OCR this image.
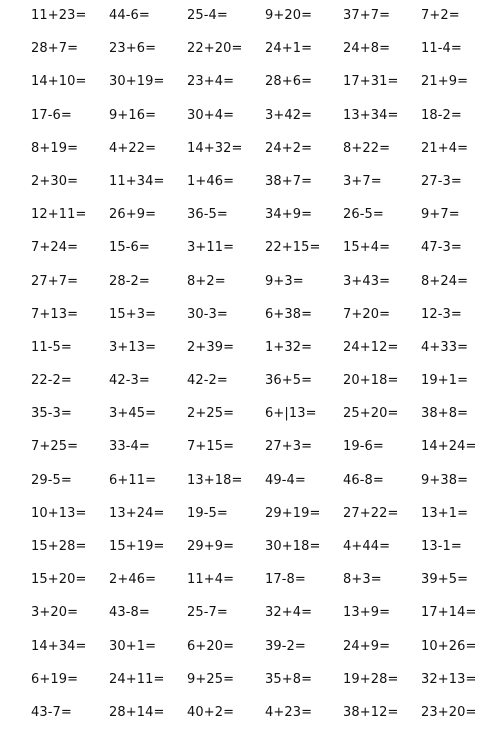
11+23=	44-6=	25-4=	9+20=	37+7=	7+2=
28+7=	23+6=	22+20=	24+1=	24+8=	11-4=
14+10=	30+19=	23+4=	28+6=	17+31=	21+9=
17-6=	9+16=	30+4=	3+42=	13+34=	18-2=
8+19=	4+22=	14+32=	24+2=	8+22=	21+4=
2+30=	11+34=	1+46=	38+7=	3+7=	27-3=
12+11=	26+9=	36-5=	34+9=	26-5=	9+7=
7+24=	15-6=	3+11=	22+15=	15+4=	47-3=
27+7=	28-2=	8+2=	9+3=	3+43=	8+24=
7+13=	15+3=	30-3=	6+38=	7+20=	12-3=
11-5=	3+13=	2+39=	1+32=	24+12=	4+33=
22-2=	42-3=	42-2=	36+5=	20+18=	19+1=
35-3=	3+45=	2+25=	6+|13=	25+20=	38+8=
7+25=	33-4=	7+15=	27+3=	19-6=	14+24=
29-5=	6+11=	13+18=	49-4=	46-8=	9+38=
10+13=	13+24=	19-5=	29+19=	27+22=	13+1=
15+28=	15+19=	29+9=	30+18=	4+44=	13-1=
15+20=	2+46=	11+4=	17-8=	8+3=	39+5=
3+20=	43-8=	25-7=	32+4=	13+9=	17+14=
14+34=	30+1=	6+20=	39-2=	24+9=	10+26=
6+19=	24+11=	9+25=	35+8=	19+28=	32+13=
43-7=	28+14=	40+2=	4+23=	38+12=	23+20=
